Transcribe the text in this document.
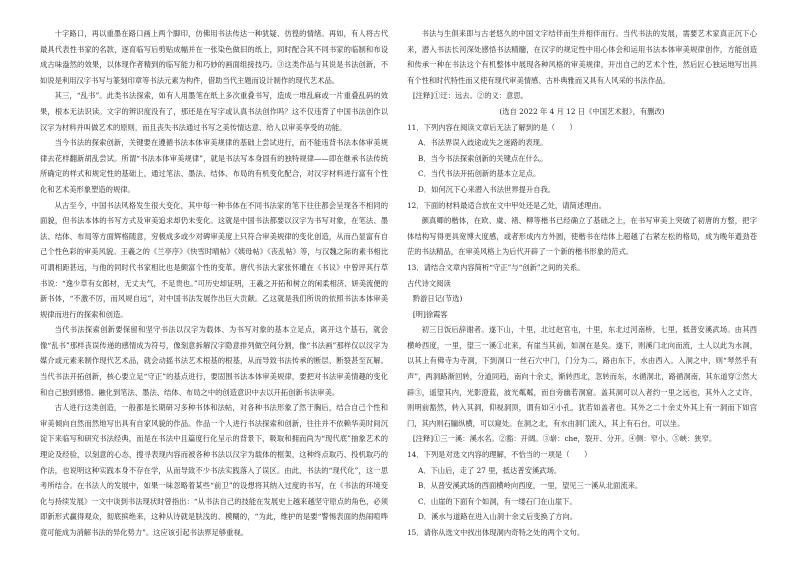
十字路口，再以重墨在路口画上两个脚印，仿佛用书法传达一种犹疑、彷徨的情绪。再如，有人将古代最具代表性书家的名款，逐育临写后剪贴成幅并在一张染色做旧的纸上，同时配合其不同书家的临制和布设成古味盎然的效果，以体现作者精到的临写能力和巧妙的画面组接技巧。③这类作品与其说是书法创新，不如说是利用汉字书写与篆刻印章等书法元素为构件，借助当代主题而设计制作的现代艺术品。

其三，“乱书”。此类书法探索，如有人用墨笔在纸上多次重叠书写，造成一堆乱麻或一片重叠乱码的效果，根本无法识读。文字的辨识度没有了，那还是在写字或认真书法创作吗？这不仅违背了中国书法创作以汉字为材料并叫做艺术的原则，而且丧失书法通过书写之美传情达意、给人以审美享受的功能。

当今书法的探索创新，关键要在遵循书法本体审美规律的基础上尝试进行，而不能违背书法本体审美规律去花样翻新胡乱尝试。所谓“书法本体审美规律”，就是书法写本身固有的独特规律——即在继承书法传统所确定的样式和规定性的基础上，通过笔法、墨法、结体、布局的有机变化配合，对汉字材料进行富有个性化和艺术美形象塑造的规律。

从古至今，中国书法风格发生很大变化，其中每一种书体在不同书法家的笔下往往都会呈现各不相同的面貌，但书法本体的书写方式及审美追求却仍未变化。这就是中国书法都要以汉字为书写对象，在笔法、墨法、结体、布局等方面辉格随意，穷极成多或少对碑审美度上只符合审美规律的变化创造，从而凸显富有自己个性色彩的审美风貌。王羲之的《兰亭序》《快雪时晴帖》《姨母帖》《丧乱帖》等，与汉魏之际的素书相比可谓相距甚远，与他的同时代书家相比也是颇富个性的变革。唐代书法大家张怀瓘在《书议》中曾评其行草书说：“逸少草有女郎材，无丈夫气，不足贵也。”可历史却证明，王羲之开拓和树立的闲柔相济、妍美流便的新书体，“不激不厉，而风规自远”，对中国书法发展作出巨大贡献。乙这就是我们所说的依照书法本体审美规律而进行的探索和创造。

当代书法探索创新要保留和坚守书法以汉字为载体、为书写对象的基本立足点，离开这个基石，就会像“乱书”那样丧误传递的感情成为符号，像刻意拆解汉字隐意排列做空间分割，像“书法画”那样仅以汉字为媒介或元素来制作现代艺术品，就会动摇书法艺术根基的根基，从而导致书法传承的断层、断裂甚至瓦解。当代书法开拓创新，核心要立足“守正”的基点进行，要固围书法本体审美规律，要把对书法审美情趣的变化和自己独到感悟、融化到笔法、墨法、结体、布局之中的创造意识中去以开拓创新书法审美。

古人进行这类创造，一般都是长期研习多种书体和法帖，对各种书法形象了然于胸后，结合自己个性和审美倾向自然而然地写出具有自家风貌的作品。作品一个人进行书法探索和创新，往往并不依赖华美时间沉淀下来临写和研究书法经典，而是在书法中且篇度行化呈示的背景下，吸取和拥而尚为“现代底”抽象艺术的理论及经验，以刻意的心态，搜寻表现内容而被各种书法以汉字为载体的框架，这种终点取巧、投机取巧的作法，也说明这种实践本身不存在学，从而导致不少书法实践落入了误区。由此，书法的“现代化”，这一思考所结合。在书法人的发展中，如果一味忽略着某些“前卫”的设想将其纳入过度的书写，在《书法的环境变化与持续发展》一文中谈到书法现状时曾指出：“从书法自己的技能在发展史上越来越坚守原点的角色，必须即新形式赢得观众，彻底摈绝来，这种从诗就是肤浅的、模糊的，“为此，维护的是要“警惕表面的热闹喧哗竟可能成为消解书法的异化势力”。这应该引起书法界足够重视。

书法与生俱来即与古老悠久的中国文字结伴而生并相伴而行。当代书法的发展，需要艺术家真正沉下心来，潜入书法长河深处感悟书法精髓，在汉字的规定性中用心体会和运用书法本体审美规律创作，方能创造和传承一种在书法这个有机整体中展现各种风格的审美规律，开出自己的艺术个性，然后匠心独运地写出具有个性和时代特性而又使有现代审美情感、古朴典雅而又具有人风采的书法作品。

[注释]①迂：远去。②的义：意思。

(选自 2022 年 4 月 12 日《中国艺术报》，有删改)

11．下列内容在阅读文章后无法了解到的是（　　）

A．书法界误入歧途或失之迷路的表现。

B．当今书法探索创新的关键点在什么。

C．当代书法开拓创新的基本立足点。

D．如何沉下心来潜入书法世界提升自我。

12．下面的材料最适合放在文中甲处还是乙处，请简述理由。

颜真卿的楷体，在欧、虞、褚、柳等楷书已经确立了基础之上，在书写审美上突破了初唐的方整，把字体结构写得更具宽博大度感，或者形成内方外圆，使楷书在结体上超越了右紧左松的格局，成为晚年遒劲苍茫的书法精品，在审美风格上为后代开辟了一个新的楷书形象的范式。

13．请结合文章内容简析“守正”与“创新”之间的关系。

古代诗文阅读

黔游日记(节选)

[明]徐霞客

初三日饭后辞谢者。遂下山，十里，北过赵官屯，十里，东北过河南桥，七里，抵普安溪武场。由其西横岭西度，一里，望三一溪①北来，有崖当其前，如洞在是矣。遂下，则溪门北向而流，土人以此为水洞，以其上有佛寺为寺洞，下到洞口一丝石穴中门，门分为二，路由东下，水由西入。入洞之中，则“琴然乎有声”，两洞路渐回转，分道同趋，南向十余丈，渐转西北，忽转而东，水循洞北，路循洞南，其东道穿②然大辟③，遥望其内，光影澄蓝，波光粼粼，而自旁幽若洞窟。盖其洞可以入者约一里之远也，其外入之丈许，则明前豁然，转入其洞，仰视洞顶，谓有如④小孔，犹若如盖者也。其外之二十余丈外其上有一洞而下如宫门，其内则石牖纵横，可以窥处。在洞之北，有水由洞门流入，其上有石台，可以坐。

[注释]①三一溪：溪水名。②豁：开阔。③崭：che，裂开、分开。④侧：窄小。⑤峡：狭窄。

14．下列是对选文内容的理解，不恰当的一项是（　　）

A．下山后，走了 27 里，抵达普安溪武场。

B．从普安溪武场的西面横岭向西度，一里，望见三一溪从北面流来。

C．山崖的下面有个如洞，有一缕石门在山崖下。

D．溪水与道路在进入山洞十余丈后变换了方向。

15．请你从选文中找出体现洞内奇特之处的两个文句。
